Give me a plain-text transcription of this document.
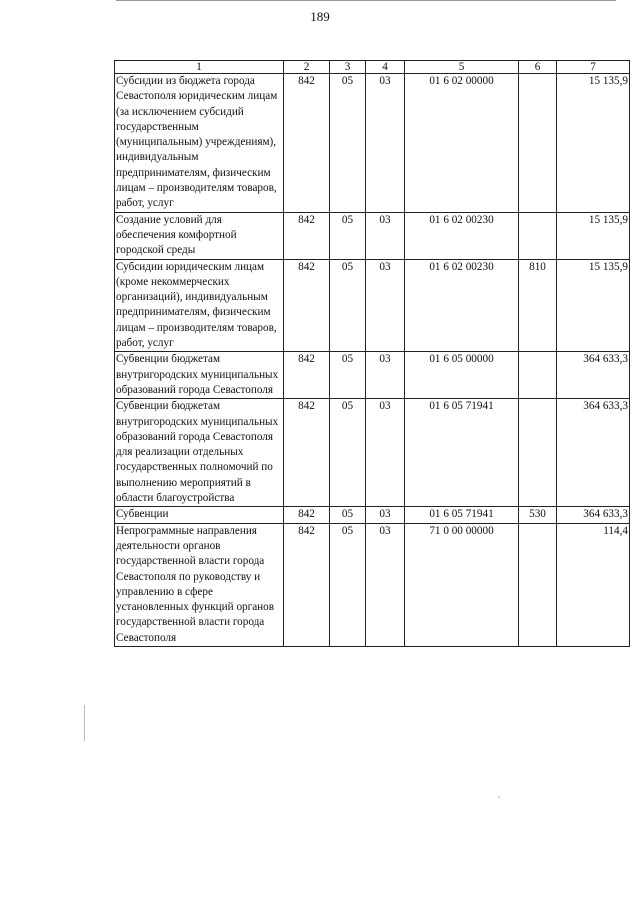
189
1	2	3	4	5	6	7
Субсидии из бюджета города Севастополя юридическим лицам (за исключением субсидий государственным (муниципальным) учреждениям), индивидуальным предпринимателям, физическим лицам – производителям товаров, работ, услуг	842	05	03	01 6 02 00000		15 135,9
Создание условий для обеспечения комфортной городской среды	842	05	03	01 6 02 00230		15 135,9
Субсидии юридическим лицам (кроме некоммерческих организаций), индивидуальным предпринимателям, физическим лицам – производителям товаров, работ, услуг	842	05	03	01 6 02 00230	810	15 135,9
Субвенции бюджетам внутригородских муниципальных образований города Севастополя	842	05	03	01 6 05 00000		364 633,3
Субвенции бюджетам внутригородских муниципальных образований города Севастополя для реализации отдельных государственных полномочий по выполнению мероприятий в области благоустройства	842	05	03	01 6 05 71941		364 633,3
Субвенции	842	05	03	01 6 05 71941	530	364 633,3
Непрограммные направления деятельности органов государственной власти города Севастополя по руководству и управлению в сфере установленных функций органов государственной власти города Севастополя	842	05	03	71 0 00 00000		114,4
